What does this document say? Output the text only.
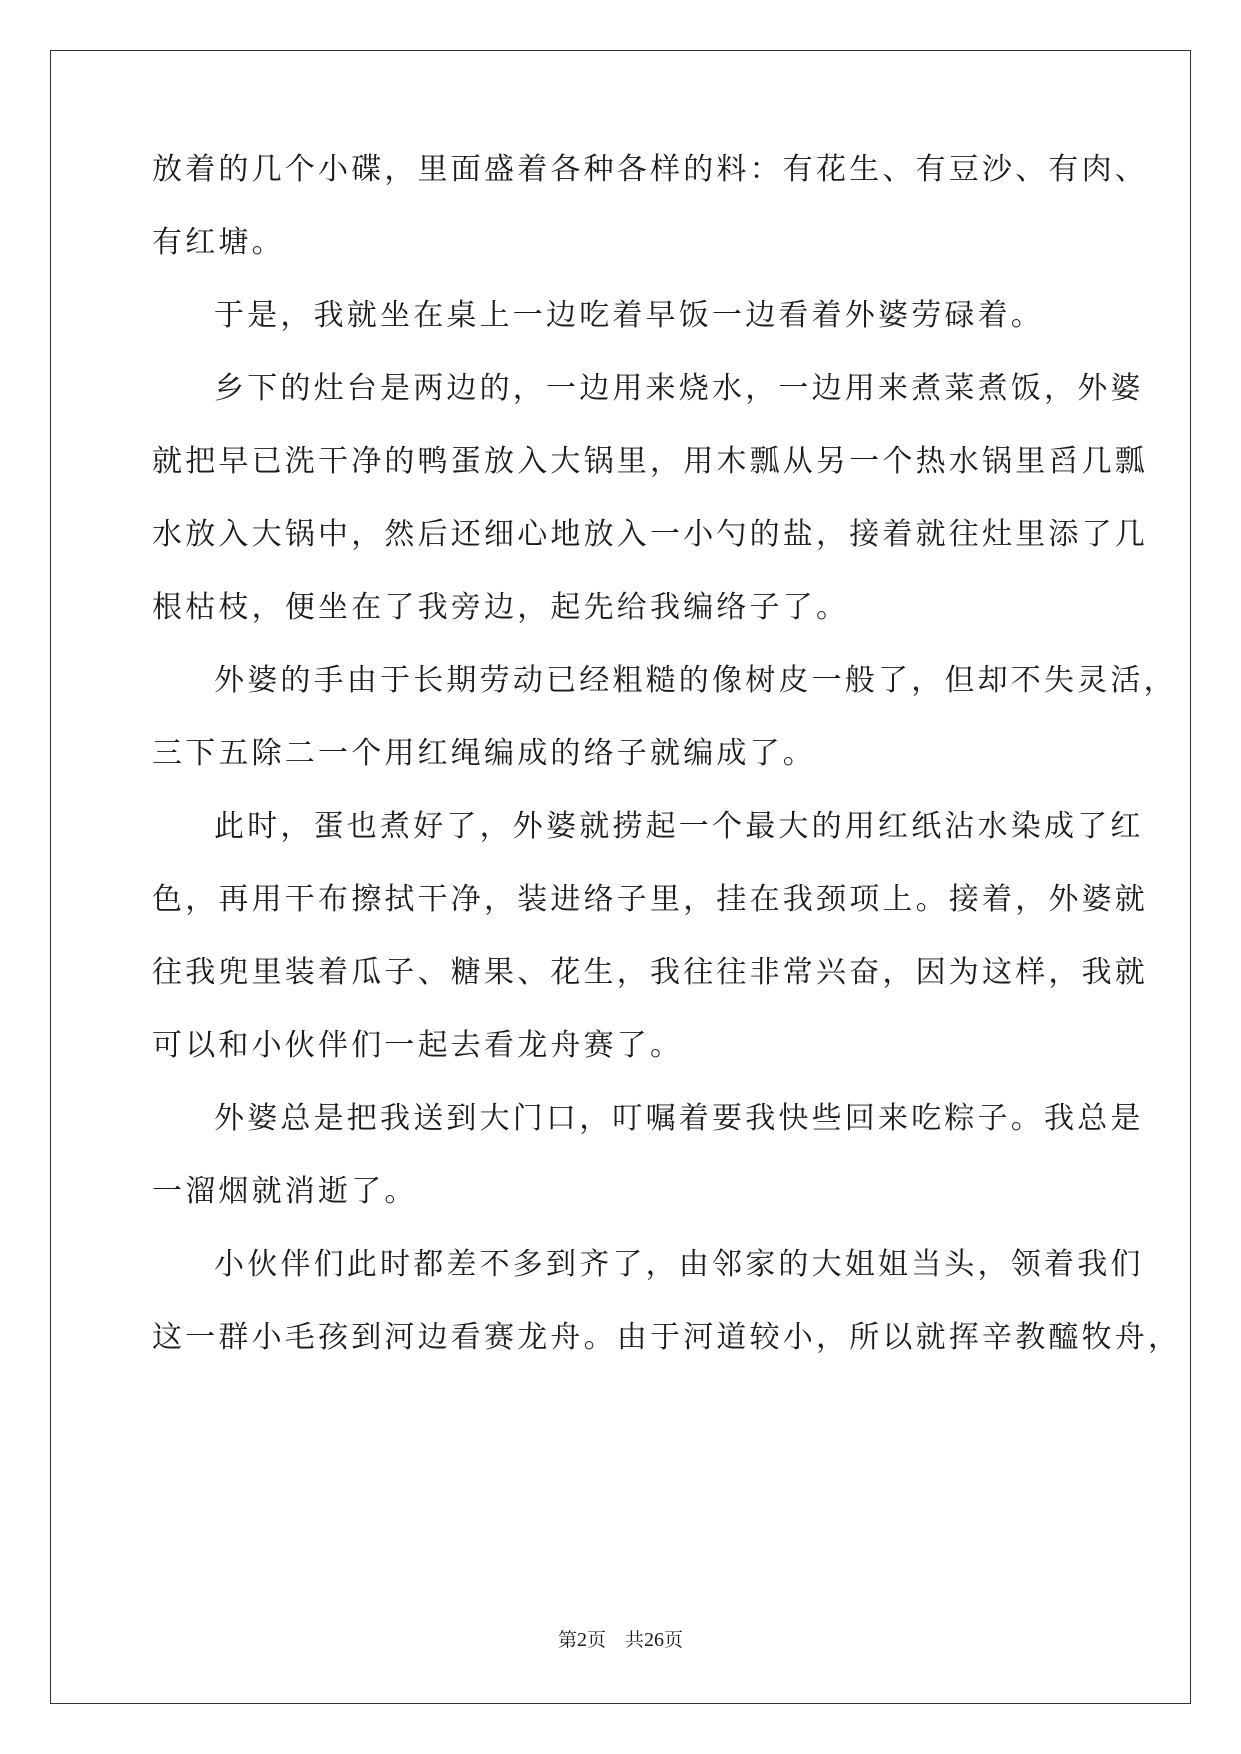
放着的几个小碟，里面盛着各种各样的料：有花生、有豆沙、有肉、
有红塘。
于是，我就坐在桌上一边吃着早饭一边看着外婆劳碌着。
乡下的灶台是两边的，一边用来烧水，一边用来煮菜煮饭，外婆
就把早已洗干净的鸭蛋放入大锅里，用木瓢从另一个热水锅里舀几瓢
水放入大锅中，然后还细心地放入一小勺的盐，接着就往灶里添了几
根枯枝，便坐在了我旁边，起先给我编络子了。
外婆的手由于长期劳动已经粗糙的像树皮一般了，但却不失灵活，
三下五除二一个用红绳编成的络子就编成了。
此时，蛋也煮好了，外婆就捞起一个最大的用红纸沾水染成了红
色，再用干布擦拭干净，装进络子里，挂在我颈项上。接着，外婆就
往我兜里装着瓜子、糖果、花生，我往往非常兴奋，因为这样，我就
可以和小伙伴们一起去看龙舟赛了。
外婆总是把我送到大门口，叮嘱着要我快些回来吃粽子。我总是
一溜烟就消逝了。
小伙伴们此时都差不多到齐了，由邻家的大姐姐当头，领着我们
这一群小毛孩到河边看赛龙舟。由于河道较小，所以就挥辛教醯牧舟，
第2页　共26页
